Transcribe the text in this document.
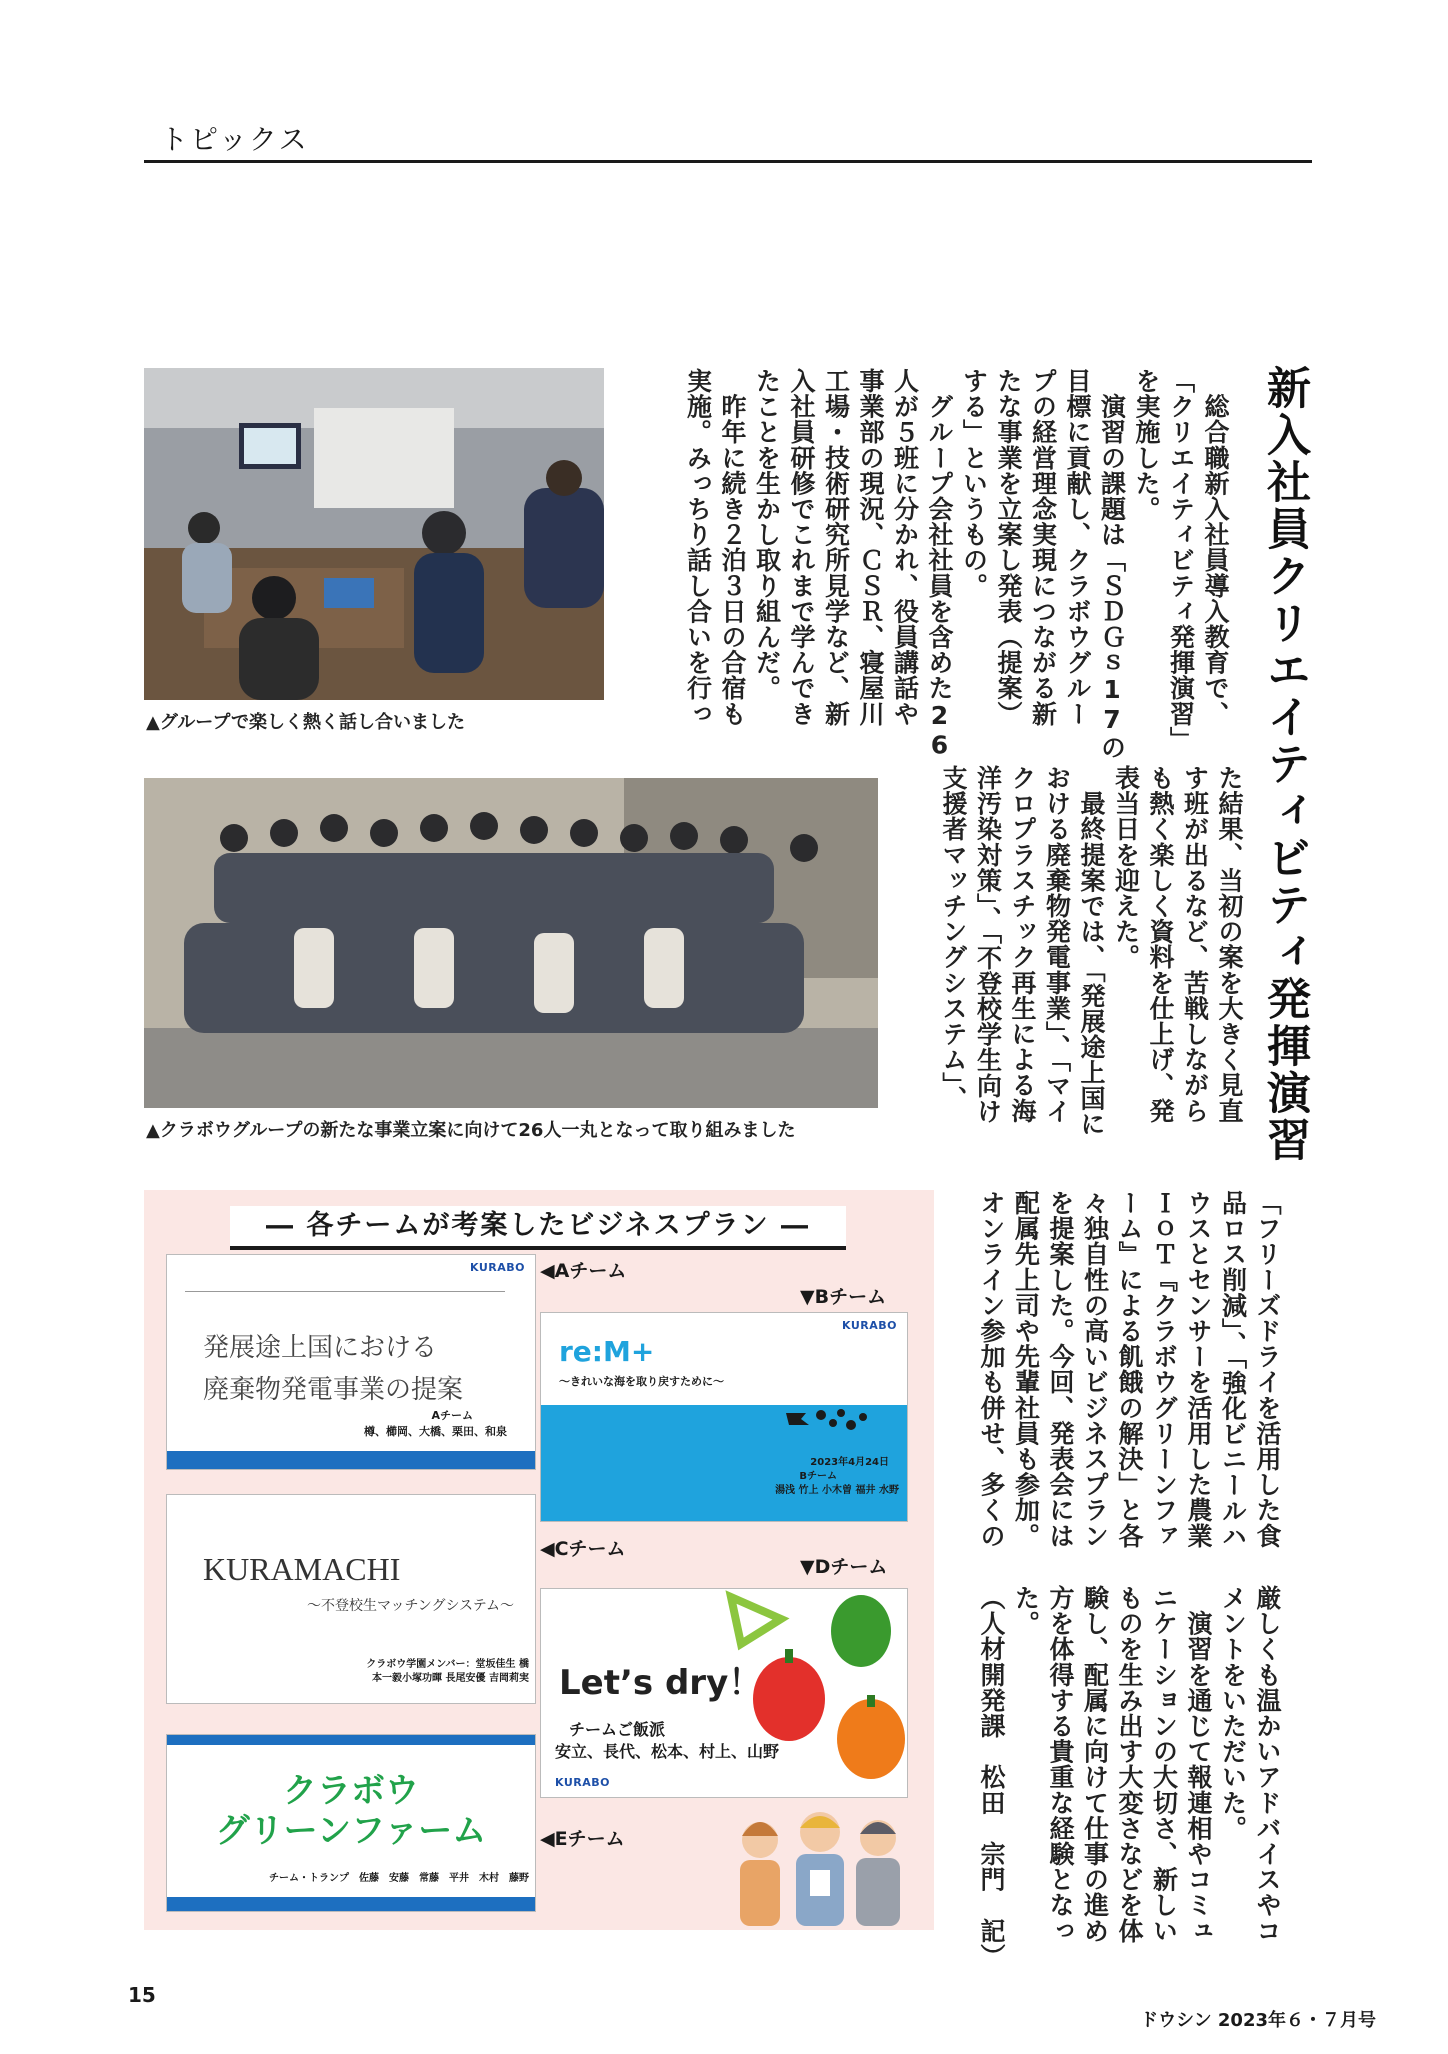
トピックス
新入社員クリエイティビティ発揮演習
　総合職新入社員導入教育で、
「クリエイティビティ発揮演習」
を実施した。
　演習の課題は「ＳＤＧｓ17の
目標に貢献し、クラボウグルー
プの経営理念実現につながる新
たな事業を立案し発表（提案）
する」というもの。
　グループ会社社員を含めた26
人が５班に分かれ、役員講話や
事業部の現況、ＣＳＲ、寝屋川
工場・技術研究所見学など、新
入社員研修でこれまで学んでき
たことを生かし取り組んだ。
　昨年に続き２泊３日の合宿も
実施。みっちり話し合いを行っ
た結果、当初の案を大きく見直
す班が出るなど、苦戦しながら
も熱く楽しく資料を仕上げ、発
表当日を迎えた。
　最終提案では、「発展途上国に
おける廃棄物発電事業」、「マイ
クロプラスチック再生による海
洋汚染対策」、「不登校学生向け
支援者マッチングシステム」、
「フリーズドライを活用した食
品ロス削減」、「強化ビニールハ
ウスとセンサーを活用した農業
ＩｏＴ『クラボウグリーンファ
ーム』による飢餓の解決」と各
々独自性の高いビジネスプラン
を提案した。今回、発表会には
配属先上司や先輩社員も参加。
オンライン参加も併せ、多くの
厳しくも温かいアドバイスやコ
メントをいただいた。
　演習を通じて報連相やコミュ
ニケーションの大切さ、新しい
ものを生み出す大変さなどを体
験し、配属に向けて仕事の進め
方を体得する貴重な経験となっ
た。
（人材開発課　松田　宗門　記）
▲グループで楽しく熱く話し合いました
▲クラボウグループの新たな事業立案に向けて26人一丸となって取り組みました
― 各チームが考案したビジネスプラン ―
KURABO
発展途上国における
廃棄物発電事業の提案
Aチーム
樽、櫛岡、大橋、栗田、和泉
◀Aチーム
▼Bチーム
KURABO
re:M+
～きれいな海を取り戻すために～
2023年4月24日
Bチーム
湯浅 竹上 小木曽 福井 水野
KURAMACHI
～不登校生マッチングシステム～
クラボウ学園メンバー：堂坂佳生 橋
本一毅小塚功暉 長尾安優 吉岡莉実
◀Cチーム
▼Dチーム
Let’s dry！
チームご飯派
安立、長代、松本、村上、山野
KURABO
クラボウ
グリーンファーム
チーム・トランプ　佐藤　安藤　常藤　平井　木村　藤野
◀Eチーム
15
ドウシン 2023年６・７月号
